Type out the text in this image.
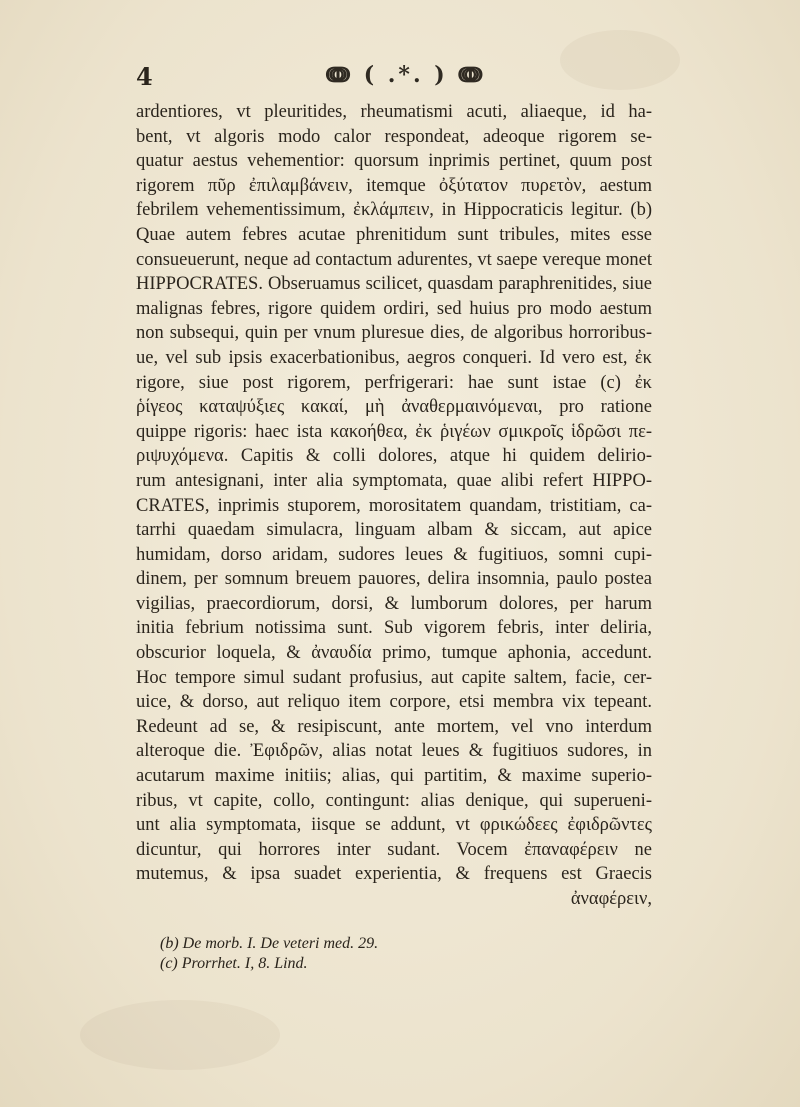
4	ↈ ( .*. ) ↈ
ardentiores, vt pleuritides, rheumatismi acuti, aliaeque, id ha-
bent, vt algoris modo calor respondeat, adeoque rigorem se-
quatur aestus vehementior: quorsum inprimis pertinet, quum post
rigorem πῦρ ἐπιλαμβάνειν, itemque ὀξύτατον πυρετὸν, aestum
febrilem vehementissimum, ἐκλάμπειν, in Hippocraticis legitur. (b)
Quae autem febres acutae phrenitidum sunt tribules, mites esse
consueuerunt, neque ad contactum adurentes, vt saepe vereque monet
HIPPOCRATES. Obseruamus scilicet, quasdam paraphrenitides, siue
malignas febres, rigore quidem ordiri, sed huius pro modo aestum
non subsequi, quin per vnum pluresue dies, de algoribus horroribus-
ue, vel sub ipsis exacerbationibus, aegros conqueri. Id vero est, ἐκ
rigore, siue post rigorem, perfrigerari: hae sunt istae (c) ἐκ
ῥίγεος καταψύξιες κακαί, μὴ ἀναθερμαινόμεναι, pro ratione
quippe rigoris: haec ista κακοήθεα, ἐκ ῥιγέων σμικροῖς ἱδρῶσι πε-
ριψυχόμενα. Capitis & colli dolores, atque hi quidem delirio-
rum antesignani, inter alia symptomata, quae alibi refert HIPPO-
CRATES, inprimis stuporem, morositatem quandam, tristitiam, ca-
tarrhi quaedam simulacra, linguam albam & siccam, aut apice
humidam, dorso aridam, sudores leues & fugitiuos, somni cupi-
dinem, per somnum breuem pauores, delira insomnia, paulo postea
vigilias, praecordiorum, dorsi, & lumborum dolores, per harum
initia febrium notissima sunt. Sub vigorem febris, inter deliria,
obscurior loquela, & ἀναυδία primo, tumque aphonia, accedunt.
Hoc tempore simul sudant profusius, aut capite saltem, facie, cer-
uice, & dorso, aut reliquo item corpore, etsi membra vix tepeant.
Redeunt ad se, & resipiscunt, ante mortem, vel vno interdum
alteroque die. Ἐφιδρῶν, alias notat leues & fugitiuos sudores, in
acutarum maxime initiis; alias, qui partitim, & maxime superio-
ribus, vt capite, collo, contingunt: alias denique, qui superueni-
unt alia symptomata, iisque se addunt, vt φρικώδεες ἐφιδρῶντες
dicuntur, qui horrores inter sudant. Vocem ἐπαναφέρειν ne
mutemus, & ipsa suadet experientia, & frequens est Graecis
ἀναφέρειν,
(b) De morb. I. De veteri med. 29.
(c) Prorrhet. I, 8. Lind.
